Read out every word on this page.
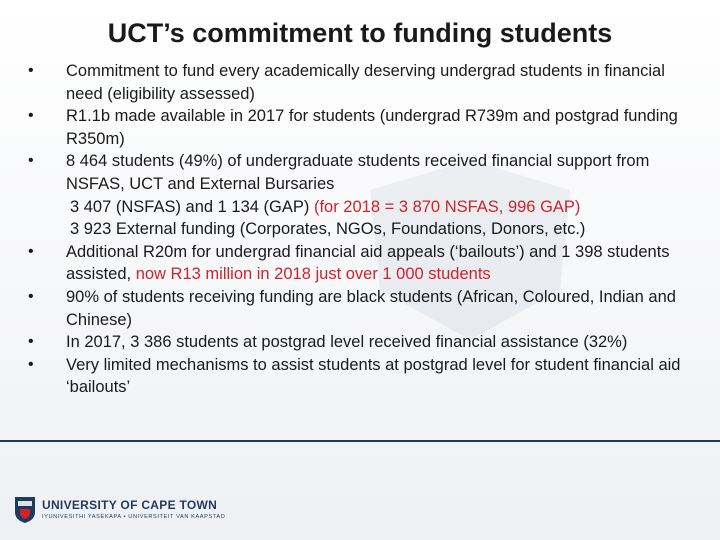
UCT’s commitment to funding students
• Commitment to fund every academically deserving undergrad students in financial need (eligibility assessed)
• R1.1b made available in 2017 for students (undergrad R739m and postgrad funding R350m)
• 8 464 students (49%) of undergraduate students received financial support from NSFAS, UCT and External Bursaries
3 407 (NSFAS) and 1 134 (GAP) (for 2018 = 3 870 NSFAS, 996 GAP)
3 923 External funding (Corporates, NGOs, Foundations, Donors, etc.)
• Additional R20m for undergrad financial aid appeals (‘bailouts’) and 1 398 students assisted, now R13 million in 2018 just over 1 000 students
• 90% of students receiving funding are black students (African, Coloured, Indian and Chinese)
• In 2017, 3 386 students at postgrad level received financial assistance (32%)
• Very limited mechanisms to assist students at postgrad level for student financial aid ‘bailouts’
UNIVERSITY OF CAPE TOWN
IYUNIVESITHI YASEKAPA • UNIVERSITEIT VAN KAAPSTAD
